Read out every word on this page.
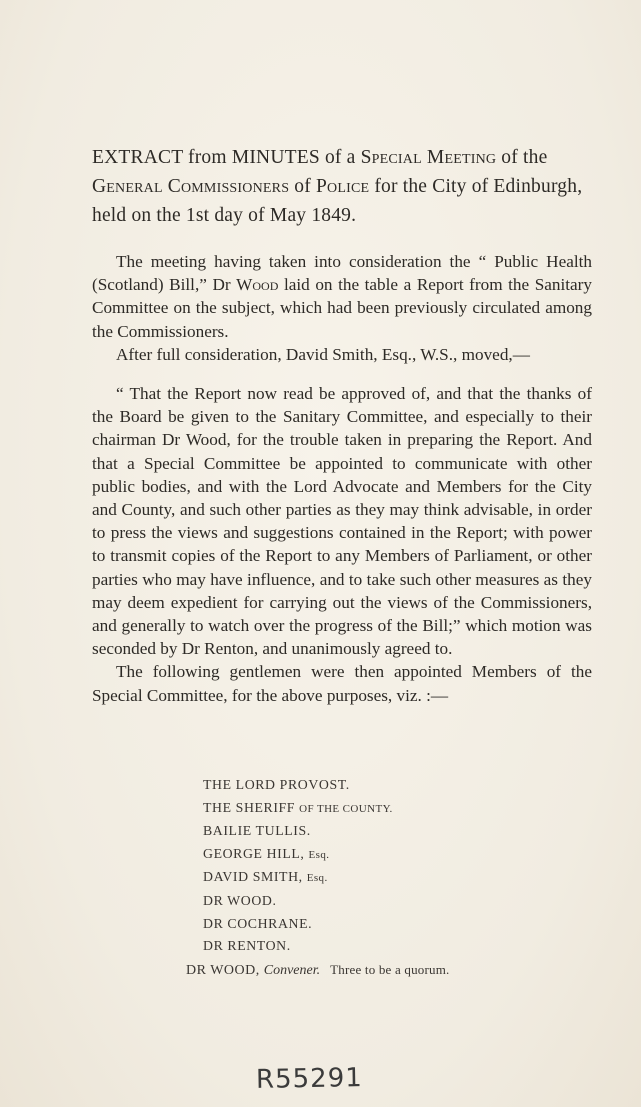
EXTRACT from MINUTES of a Special Meeting of the General Commissioners of Police for the City of Edinburgh, held on the 1st day of May 1849.

The meeting having taken into consideration the “ Public Health (Scotland) Bill,” Dr Wood laid on the table a Report from the Sanitary Committee on the subject, which had been previously circulated among the Commissioners.

After full consideration, David Smith, Esq., W.S., moved,—

“ That the Report now read be approved of, and that the thanks of the Board be given to the Sanitary Committee, and especially to their chairman Dr Wood, for the trouble taken in preparing the Report. And that a Special Committee be appointed to communicate with other public bodies, and with the Lord Advocate and Members for the City and County, and such other parties as they may think advisable, in order to press the views and suggestions contained in the Report; with power to transmit copies of the Report to any Members of Parliament, or other parties who may have influence, and to take such other measures as they may deem expedient for carrying out the views of the Commissioners, and generally to watch over the progress of the Bill;” which motion was seconded by Dr Renton, and unanimously agreed to.

The following gentlemen were then appointed Members of the Special Committee, for the above purposes, viz. :—

THE LORD PROVOST.
THE SHERIFF OF THE COUNTY.
BAILIE TULLIS.
GEORGE HILL, Esq.
DAVID SMITH, Esq.
DR WOOD.
DR COCHRANE.
DR RENTON.
DR WOOD, Convener. Three to be a quorum.
R55291
